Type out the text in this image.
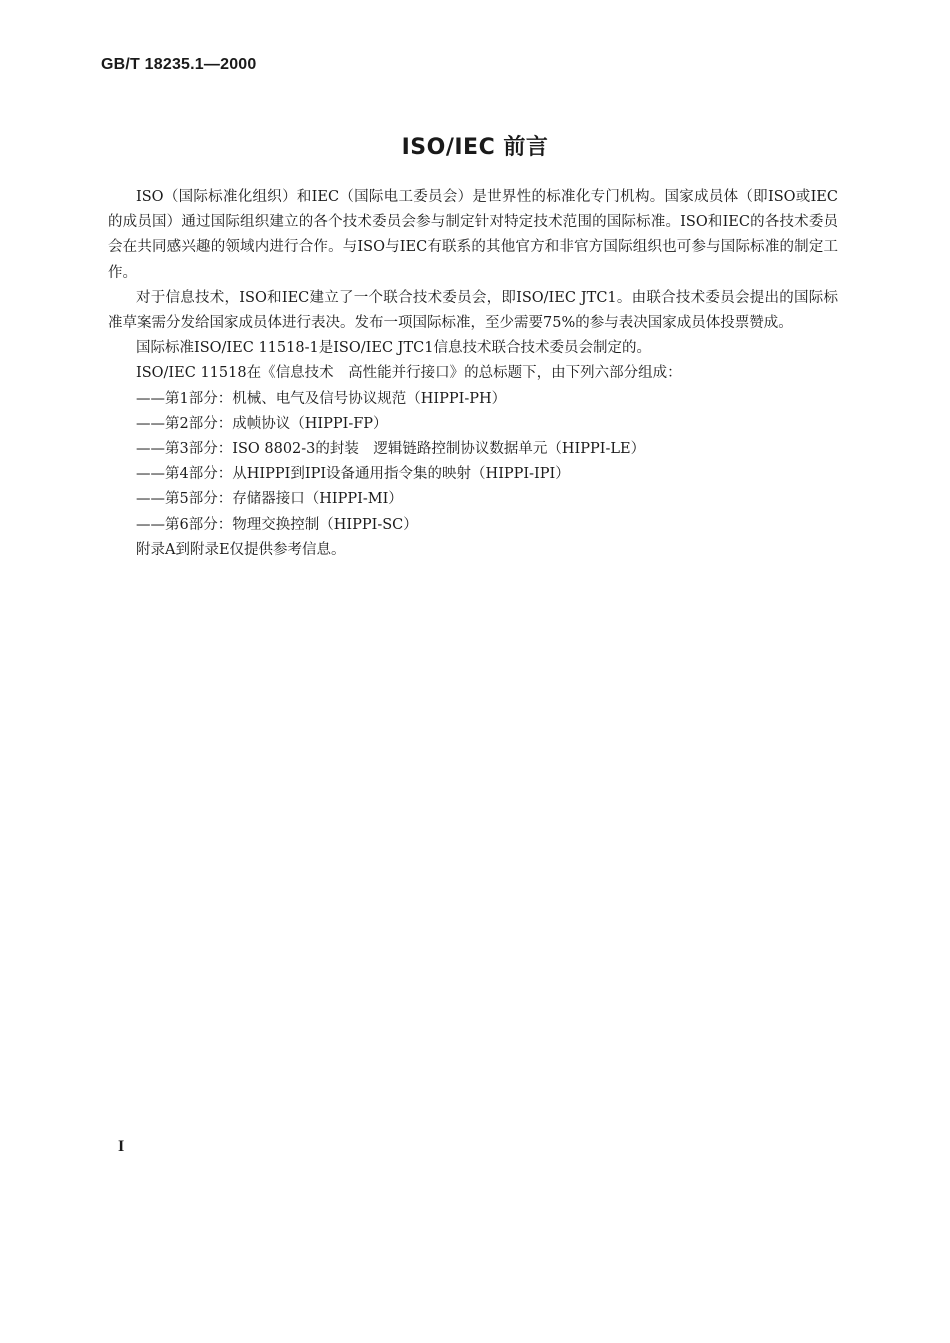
GB/T 18235.1—2000
ISO/IEC 前言

ISO（国际标准化组织）和IEC（国际电工委员会）是世界性的标准化专门机构。国家成员体（即ISO或IEC的成员国）通过国际组织建立的各个技术委员会参与制定针对特定技术范围的国际标准。ISO和IEC的各技术委员会在共同感兴趣的领域内进行合作。与ISO与IEC有联系的其他官方和非官方国际组织也可参与国际标准的制定工作。

对于信息技术，ISO和IEC建立了一个联合技术委员会，即ISO/IEC JTC1。由联合技术委员会提出的国际标准草案需分发给国家成员体进行表决。发布一项国际标准，至少需要75%的参与表决国家成员体投票赞成。

国际标准ISO/IEC 11518-1是ISO/IEC JTC1信息技术联合技术委员会制定的。

ISO/IEC 11518在《信息技术　高性能并行接口》的总标题下，由下列六部分组成：

——第1部分：机械、电气及信号协议规范（HIPPI-PH）

——第2部分：成帧协议（HIPPI-FP）

——第3部分：ISO 8802-3的封装　逻辑链路控制协议数据单元（HIPPI-LE）

——第4部分：从HIPPI到IPI设备通用指令集的映射（HIPPI-IPI）

——第5部分：存储器接口（HIPPI-MI）

——第6部分：物理交换控制（HIPPI-SC）

附录A到附录E仅提供参考信息。

I
